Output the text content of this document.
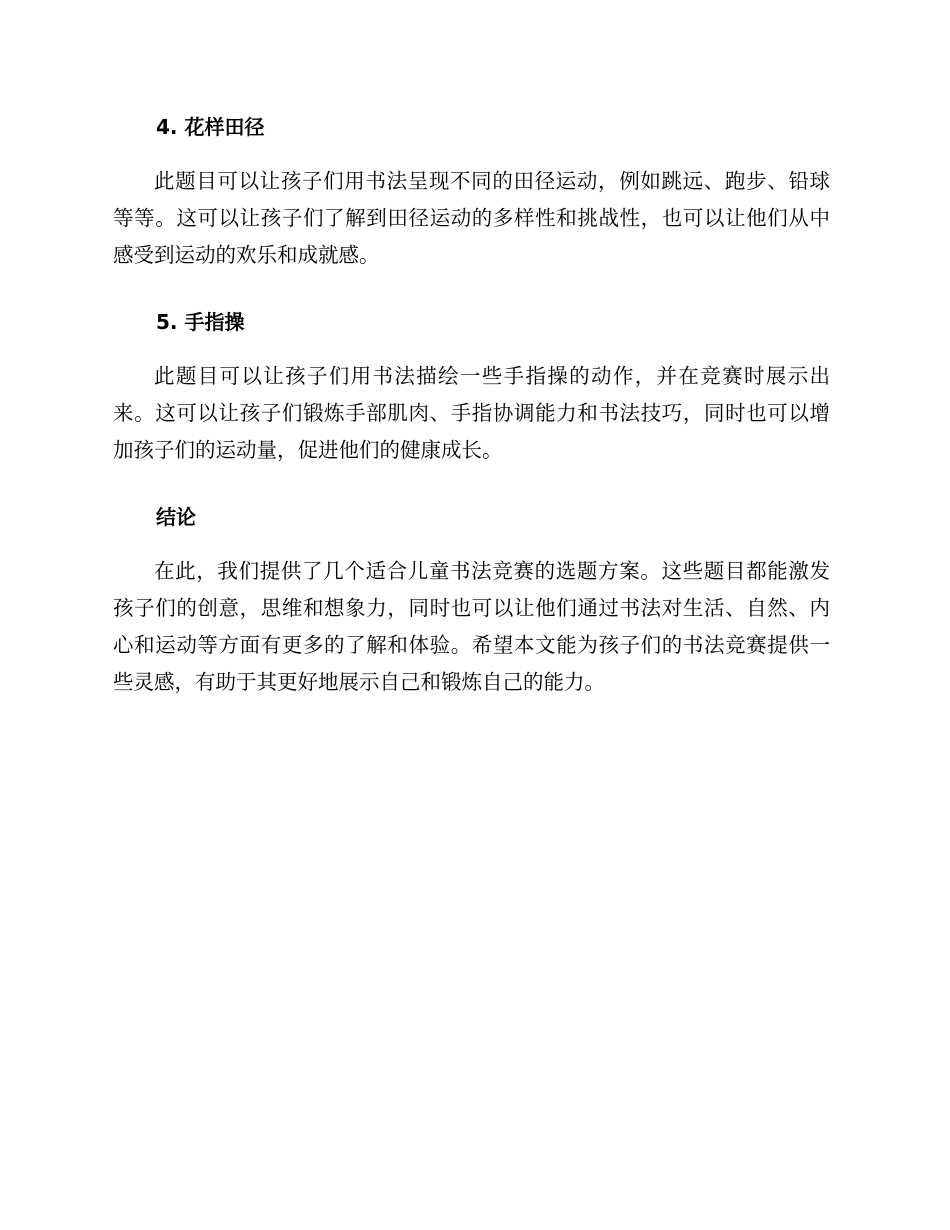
4. 花样田径

此题目可以让孩子们用书法呈现不同的田径运动，例如跳远、跑步、铅球等等。这可以让孩子们了解到田径运动的多样性和挑战性，也可以让他们从中感受到运动的欢乐和成就感。

5. 手指操

此题目可以让孩子们用书法描绘一些手指操的动作，并在竞赛时展示出来。这可以让孩子们锻炼手部肌肉、手指协调能力和书法技巧，同时也可以增加孩子们的运动量，促进他们的健康成长。

结论

在此，我们提供了几个适合儿童书法竞赛的选题方案。这些题目都能激发孩子们的创意，思维和想象力，同时也可以让他们通过书法对生活、自然、内心和运动等方面有更多的了解和体验。希望本文能为孩子们的书法竞赛提供一些灵感，有助于其更好地展示自己和锻炼自己的能力。
